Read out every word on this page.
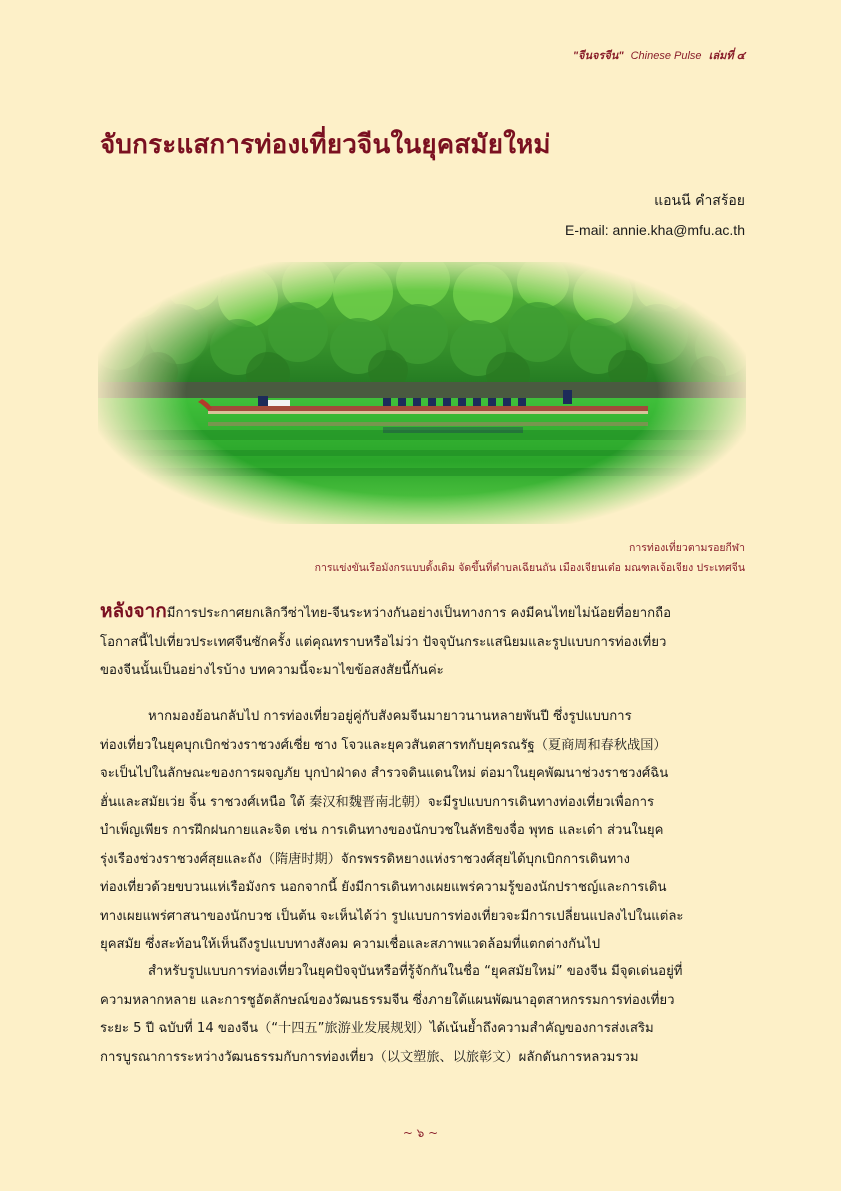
"จีนจรจีน" Chinese Pulse เล่มที่ ๔
จับกระแสการท่องเที่ยวจีนในยุคสมัยใหม่
แอนนี คำสร้อย
E-mail: annie.kha@mfu.ac.th
การท่องเที่ยวตามรอยกีฬา
การแข่งขันเรือมังกรแบบดั้งเดิม จัดขึ้นที่ตำบลเฉียนถัน เมืองเจียนเต๋อ มณฑลเจ้อเจียง ประเทศจีน
หลังจากมีการประกาศยกเลิกวีซ่าไทย-จีนระหว่างกันอย่างเป็นทางการ คงมีคนไทยไม่น้อยที่อยากถือ
โอกาสนี้ไปเที่ยวประเทศจีนซักครั้ง แต่คุณทราบหรือไม่ว่า ปัจจุบันกระแสนิยมและรูปแบบการท่องเที่ยว
ของจีนนั้นเป็นอย่างไรบ้าง บทความนี้จะมาไขข้อสงสัยนี้กันค่ะ
หากมองย้อนกลับไป การท่องเที่ยวอยู่คู่กับสังคมจีนมายาวนานหลายพันปี ซึ่งรูปแบบการ
ท่องเที่ยวในยุคบุกเบิกช่วงราชวงศ์เซี่ย ซาง โจวและยุควสันตสารทกับยุครณรัฐ（夏商周和春秋战国）
จะเป็นไปในลักษณะของการผจญภัย บุกป่าฝ่าดง สำรวจดินแดนใหม่ ต่อมาในยุคพัฒนาช่วงราชวงศ์ฉิน
ฮั่นและสมัยเว่ย จิ้น ราชวงศ์เหนือ ใต้ 秦汉和魏晋南北朝）จะมีรูปแบบการเดินทางท่องเที่ยวเพื่อการ
บำเพ็ญเพียร การฝึกฝนกายและจิต เช่น การเดินทางของนักบวชในลัทธิขงจื่อ พุทธ และเต๋า ส่วนในยุค
รุ่งเรืองช่วงราชวงศ์สุยและถัง（隋唐时期）จักรพรรดิหยางแห่งราชวงศ์สุยได้บุกเบิกการเดินทาง
ท่องเที่ยวด้วยขบวนแห่เรือมังกร นอกจากนี้ ยังมีการเดินทางเผยแพร่ความรู้ของนักปราชญ์และการเดิน
ทางเผยแพร่ศาสนาของนักบวช เป็นต้น จะเห็นได้ว่า รูปแบบการท่องเที่ยวจะมีการเปลี่ยนแปลงไปในแต่ละ
ยุคสมัย ซึ่งสะท้อนให้เห็นถึงรูปแบบทางสังคม ความเชื่อและสภาพแวดล้อมที่แตกต่างกันไป
สำหรับรูปแบบการท่องเที่ยวในยุคปัจจุบันหรือที่รู้จักกันในชื่อ “ยุคสมัยใหม่” ของจีน มีจุดเด่นอยู่ที่
ความหลากหลาย และการชูอัตลักษณ์ของวัฒนธรรมจีน ซึ่งภายใต้แผนพัฒนาอุตสาหกรรมการท่องเที่ยว
ระยะ 5 ปี ฉบับที่ 14 ของจีน（“十四五”旅游业发展规划）ได้เน้นย้ำถึงความสำคัญของการส่งเสริม
การบูรณาการระหว่างวัฒนธรรมกับการท่องเที่ยว（以文塑旅、以旅彰文）ผลักดันการหลวมรวม
~ ๖ ~
